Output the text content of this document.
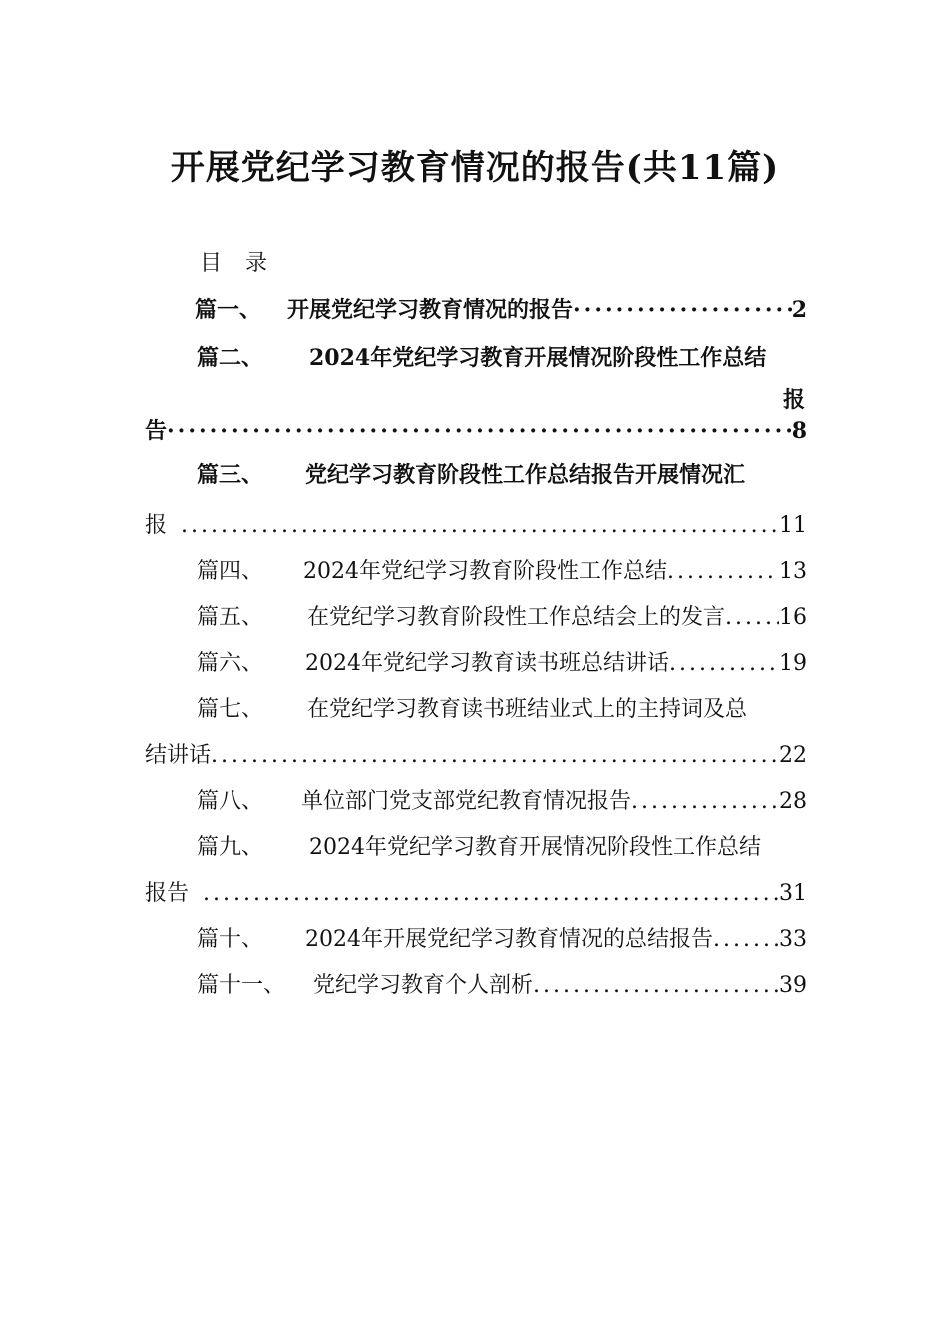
开展党纪学习教育情况的报告(共11篇)
目 录
篇一、	开展党纪学习教育情况的报告 ·····	2
篇二、	2024年党纪学习教育开展情况阶段性工作总结
报
告 ·····	8
篇三、	党纪学习教育阶段性工作总结报告开展情况汇
报 .....	11
篇四、	2024年党纪学习教育阶段性工作总结 .....	13
篇五、	在党纪学习教育阶段性工作总结会上的发言 ..... 16
篇六、	2024年党纪学习教育读书班总结讲话 .....	19
篇七、	在党纪学习教育读书班结业式上的主持词及总
结讲话 .....	22
篇八、	单位部门党支部党纪教育情况报告 .....	28
篇九、	2024年党纪学习教育开展情况阶段性工作总结
报告 .....	31
篇十、	2024年开展党纪学习教育情况的总结报告 .....	33
篇十一、	党纪学习教育个人剖析 .....	39
